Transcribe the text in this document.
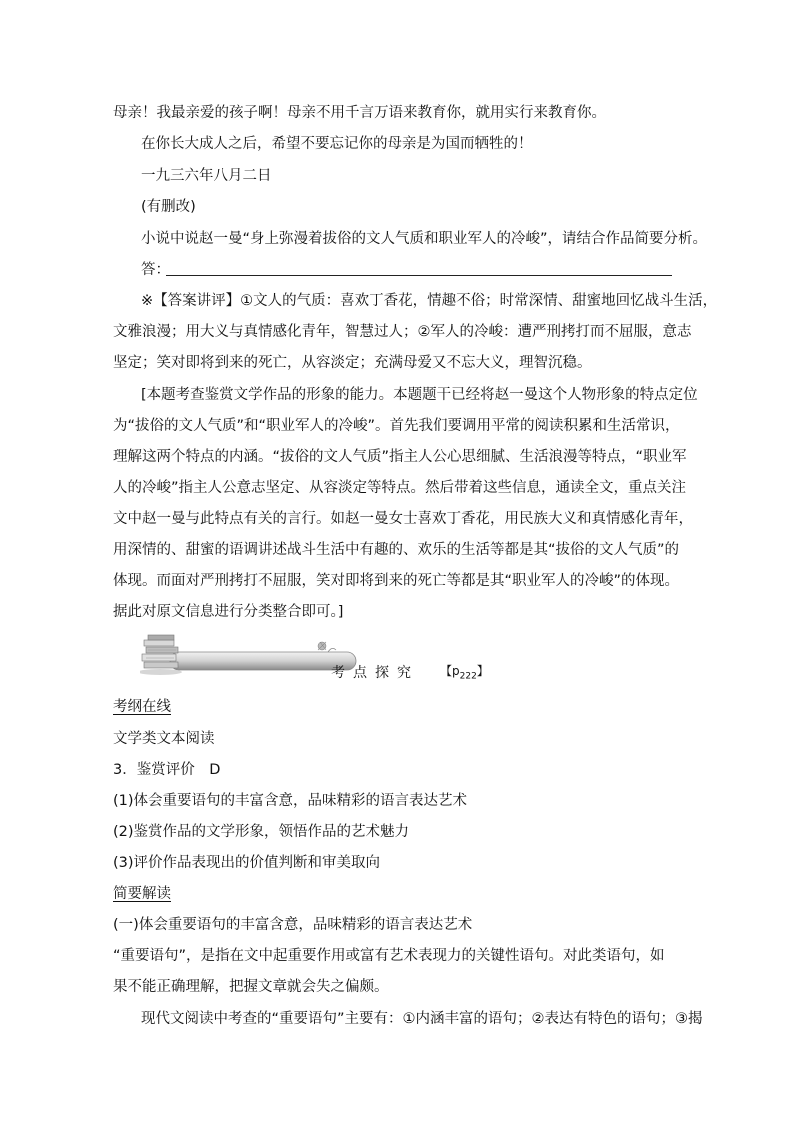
母亲！我最亲爱的孩子啊！母亲不用千言万语来教育你，就用实行来教育你。
在你长大成人之后，希望不要忘记你的母亲是为国而牺牲的！
一九三六年八月二日
(有删改)
小说中说赵一曼“身上弥漫着拔俗的文人气质和职业军人的冷峻”，请结合作品简要分析。
答：
※【答案讲评】①文人的气质：喜欢丁香花，情趣不俗；时常深情、甜蜜地回忆战斗生活，
文雅浪漫；用大义与真情感化青年，智慧过人；②军人的冷峻：遭严刑拷打而不屈服，意志
坚定；笑对即将到来的死亡，从容淡定；充满母爱又不忘大义，理智沉稳。
[本题考查鉴赏文学作品的形象的能力。本题题干已经将赵一曼这个人物形象的特点定位
为“拔俗的文人气质”和“职业军人的冷峻”。首先我们要调用平常的阅读积累和生活常识，
理解这两个特点的内涵。“拔俗的文人气质”指主人公心思细腻、生活浪漫等特点，“职业军
人的冷峻”指主人公意志坚定、从容淡定等特点。然后带着这些信息，通读全文，重点关注
文中赵一曼与此特点有关的言行。如赵一曼女士喜欢丁香花，用民族大义和真情感化青年，
用深情的、甜蜜的语调讲述战斗生活中有趣的、欢乐的生活等都是其“拔俗的文人气质”的
体现。而面对严刑拷打不屈服，笑对即将到来的死亡等都是其“职业军人的冷峻”的体现。
据此对原文信息进行分类整合即可。]
考点探究 【$p_{222}$】
考纲在线
文学类文本阅读
3．鉴赏评价　D
(1)体会重要语句的丰富含意，品味精彩的语言表达艺术
(2)鉴赏作品的文学形象，领悟作品的艺术魅力
(3)评价作品表现出的价值判断和审美取向
简要解读
(一)体会重要语句的丰富含意，品味精彩的语言表达艺术
“重要语句”，是指在文中起重要作用或富有艺术表现力的关键性语句。对此类语句，如
果不能正确理解，把握文章就会失之偏颇。
现代文阅读中考查的“重要语句”主要有：①内涵丰富的语句；②表达有特色的语句；③揭
